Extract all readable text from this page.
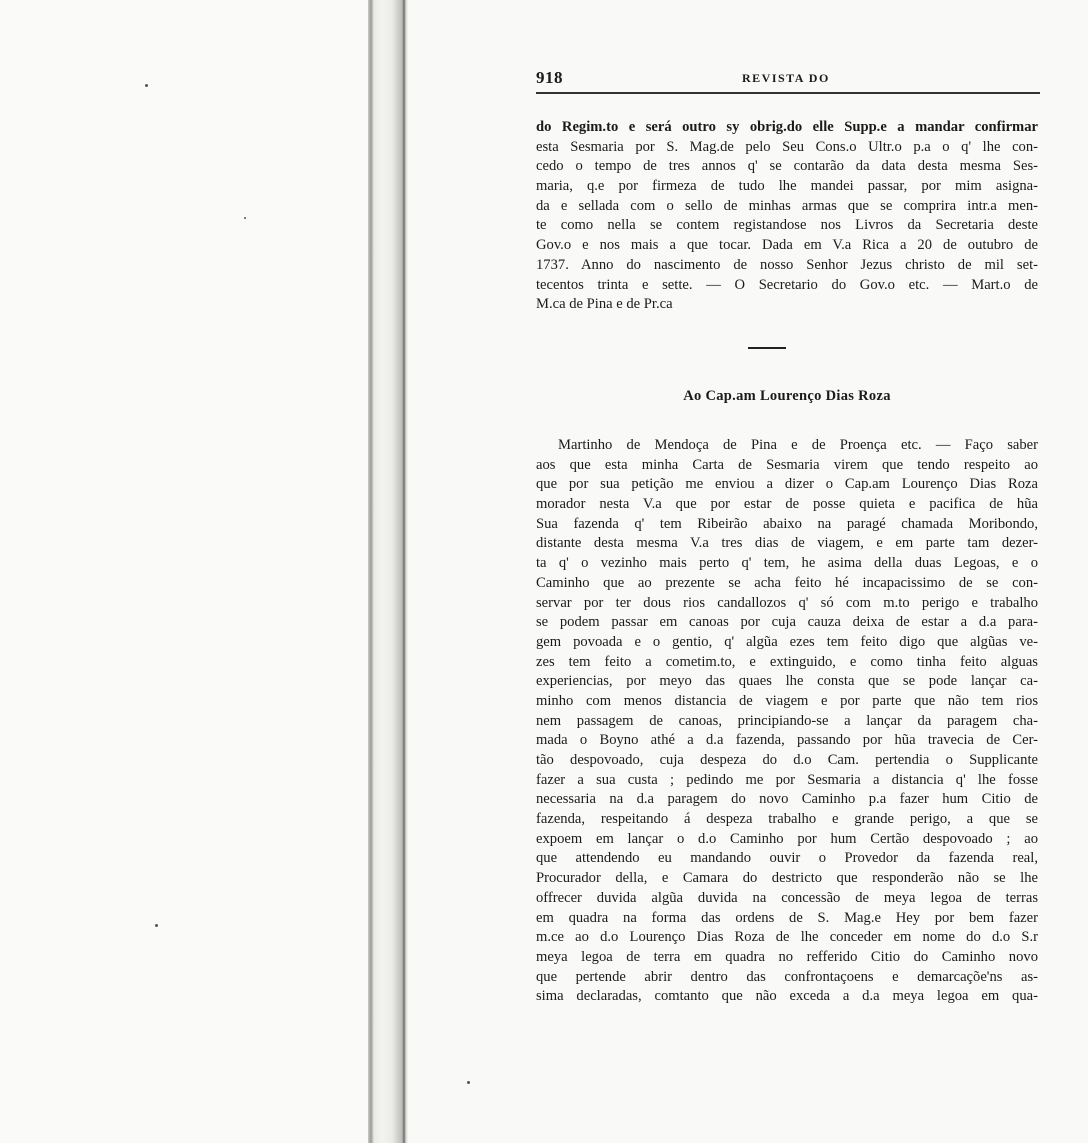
918	REVISTA DO
do Regim.to e será outro sy obrig.do elle Supp.e a mandar confirmar
esta Sesmaria por S. Mag.de pelo Seu Cons.o Ultr.o p.a o q' lhe con-
cedo o tempo de tres annos q' se contarão da data desta mesma Ses-
maria, q.e por firmeza de tudo lhe mandei passar, por mim asigna-
da e sellada com o sello de minhas armas que se comprira intr.a men-
te como nella se contem registandose nos Livros da Secretaria deste
Gov.o e nos mais a que tocar. Dada em V.a Rica a 20 de outubro de
1737. Anno do nascimento de nosso Senhor Jezus christo de mil set-
tecentos trinta e sette. — O Secretario do Gov.o etc. — Mart.o de
M.ca de Pina e de Pr.ca
Ao Cap.am Lourenço Dias Roza
Martinho de Mendoça de Pina e de Proença etc. — Faço saber
aos que esta minha Carta de Sesmaria virem que tendo respeito ao
que por sua petição me enviou a dizer o Cap.am Lourenço Dias Roza
morador nesta V.a que por estar de posse quieta e pacifica de hũa
Sua fazenda q' tem Ribeirão abaixo na paragé chamada Moribondo,
distante desta mesma V.a tres dias de viagem, e em parte tam dezer-
ta q' o vezinho mais perto q' tem, he asima della duas Legoas, e o
Caminho que ao prezente se acha feito hé incapacissimo de se con-
servar por ter dous rios candallozos q' só com m.to perigo e trabalho
se podem passar em canoas por cuja cauza deixa de estar a d.a para-
gem povoada e o gentio, q' algũa ezes tem feito digo que algũas ve-
zes tem feito a cometim.to, e extinguido, e como tinha feito alguas
experiencias, por meyo das quaes lhe consta que se pode lançar ca-
minho com menos distancia de viagem e por parte que não tem rios
nem passagem de canoas, principiando-se a lançar da paragem cha-
mada o Boyno athé a d.a fazenda, passando por hũa travecia de Cer-
tão despovoado, cuja despeza do d.o Cam. pertendia o Supplicante
fazer a sua custa ; pedindo me por Sesmaria a distancia q' lhe fosse
necessaria na d.a paragem do novo Caminho p.a fazer hum Citio de
fazenda, respeitando á despeza trabalho e grande perigo, a que se
expoem em lançar o d.o Caminho por hum Certão despovoado ; ao
que attendendo eu mandando ouvir o Provedor da fazenda real,
Procurador della, e Camara do destricto que responderão não se lhe
offrecer duvida algũa duvida na concessão de meya legoa de terras
em quadra na forma das ordens de S. Mag.e Hey por bem fazer
m.ce ao d.o Lourenço Dias Roza de lhe conceder em nome do d.o S.r
meya legoa de terra em quadra no refferido Citio do Caminho novo
que pertende abrir dentro das confrontaçoens e demarcaçõe'ns as-
sima declaradas, comtanto que não exceda a d.a meya legoa em qua-
